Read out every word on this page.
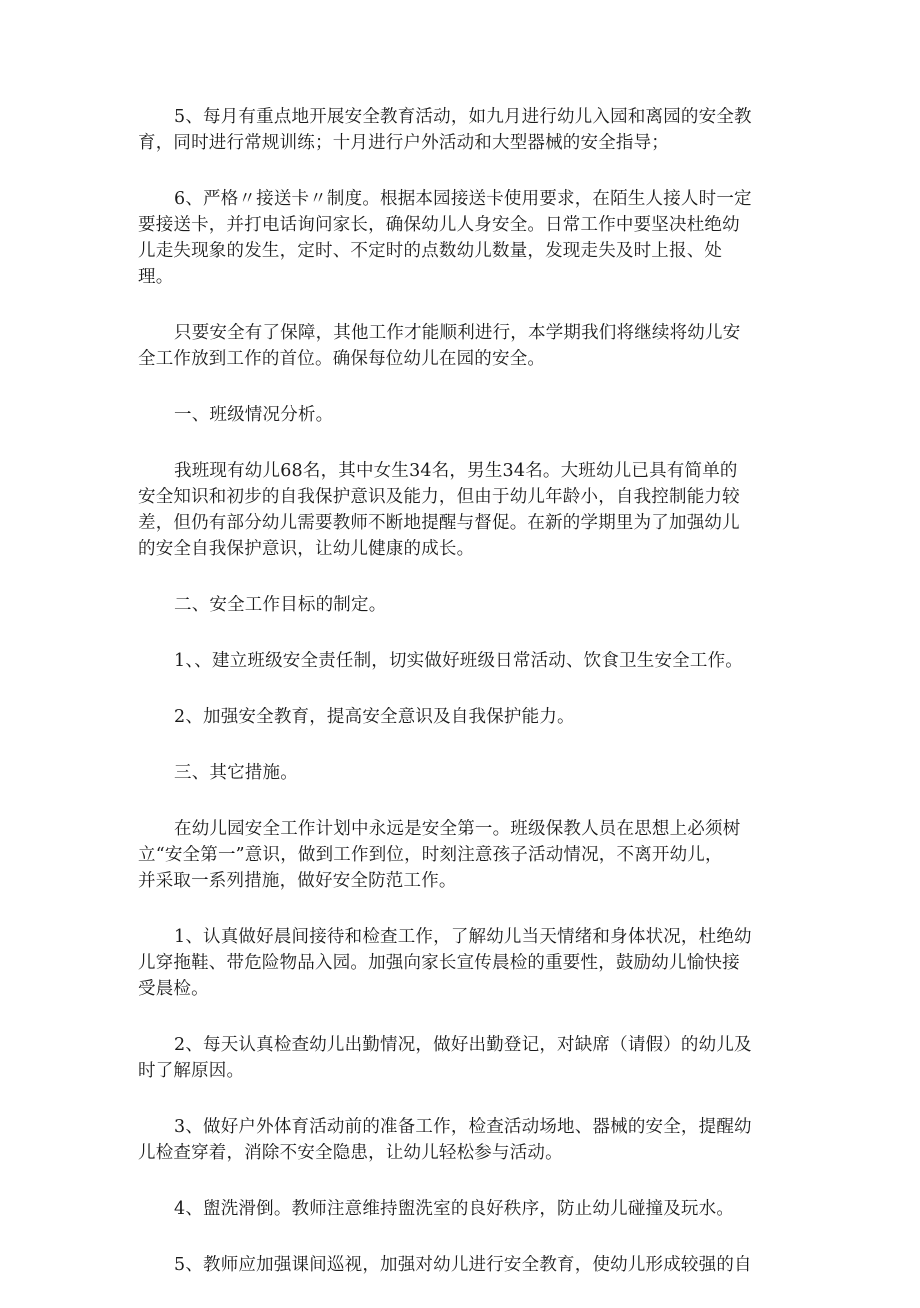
5、每月有重点地开展安全教育活动，如九月进行幼儿入园和离园的安全教
育，同时进行常规训练；十月进行户外活动和大型器械的安全指导；

6、严格〃接送卡〃制度。根据本园接送卡使用要求，在陌生人接人时一定
要接送卡，并打电话询问家长，确保幼儿人身安全。日常工作中要坚决杜绝幼
儿走失现象的发生，定时、不定时的点数幼儿数量，发现走失及时上报、处
理。

只要安全有了保障，其他工作才能顺利进行，本学期我们将继续将幼儿安
全工作放到工作的首位。确保每位幼儿在园的安全。

一、班级情况分析。

我班现有幼儿68名，其中女生34名，男生34名。大班幼儿已具有简单的
安全知识和初步的自我保护意识及能力，但由于幼儿年龄小，自我控制能力较
差，但仍有部分幼儿需要教师不断地提醒与督促。在新的学期里为了加强幼儿
的安全自我保护意识，让幼儿健康的成长。

二、安全工作目标的制定。

1、、建立班级安全责任制，切实做好班级日常活动、饮食卫生安全工作。

2、加强安全教育，提高安全意识及自我保护能力。

三、其它措施。

在幼儿园安全工作计划中永远是安全第一。班级保教人员在思想上必须树
立“安全第一”意识，做到工作到位，时刻注意孩子活动情况，不离开幼儿，
并采取一系列措施，做好安全防范工作。

1、认真做好晨间接待和检查工作，了解幼儿当天情绪和身体状况，杜绝幼
儿穿拖鞋、带危险物品入园。加强向家长宣传晨检的重要性，鼓励幼儿愉快接
受晨检。

2、每天认真检查幼儿出勤情况，做好出勤登记，对缺席（请假）的幼儿及
时了解原因。

3、做好户外体育活动前的准备工作，检查活动场地、器械的安全，提醒幼
儿检查穿着，消除不安全隐患，让幼儿轻松参与活动。

4、盥洗滑倒。教师注意维持盥洗室的良好秩序，防止幼儿碰撞及玩水。

5、教师应加强课间巡视，加强对幼儿进行安全教育，使幼儿形成较强的自
